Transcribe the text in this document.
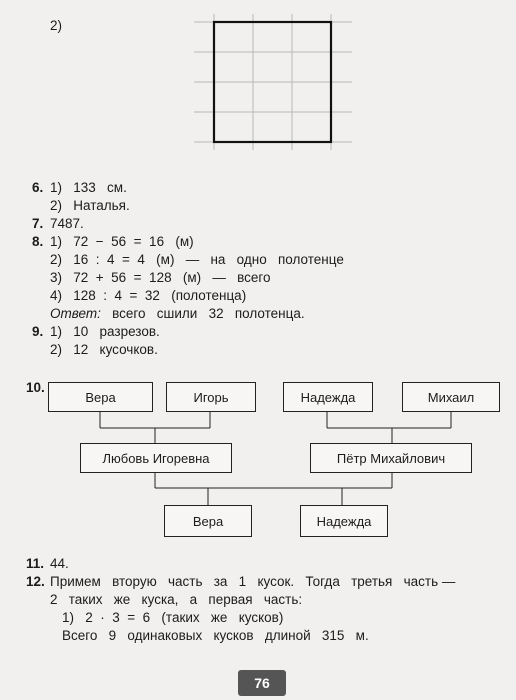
2)
6. 1)   133   см.
2)   Наталья.
7. 7487.
8. 1)   72  −  56  =  16   (м)
2)   16  :  4  =  4   (м)   —   на   одно   полотенце
3)   72  +  56  =  128   (м)   —   всего
4)   128  :  4  =  32   (полотенца)
Ответ:   всего   сшили   32   полотенца.
9. 1)   10   разрезов.
2)   12   кусочков.
10.
Вера	Игорь	Надежда	Михаил
Любовь Игоревна	Пётр Михайлович
Вера	Надежда
11. 44.
12. Примем   вторую   часть   за   1   кусок.   Тогда   третья   часть —
2   таких   же   куска,   а   первая   часть:
1)   2  ·  3  =  6   (таких   же   кусков)
Всего   9   одинаковых   кусков   длиной   315   м.
76
